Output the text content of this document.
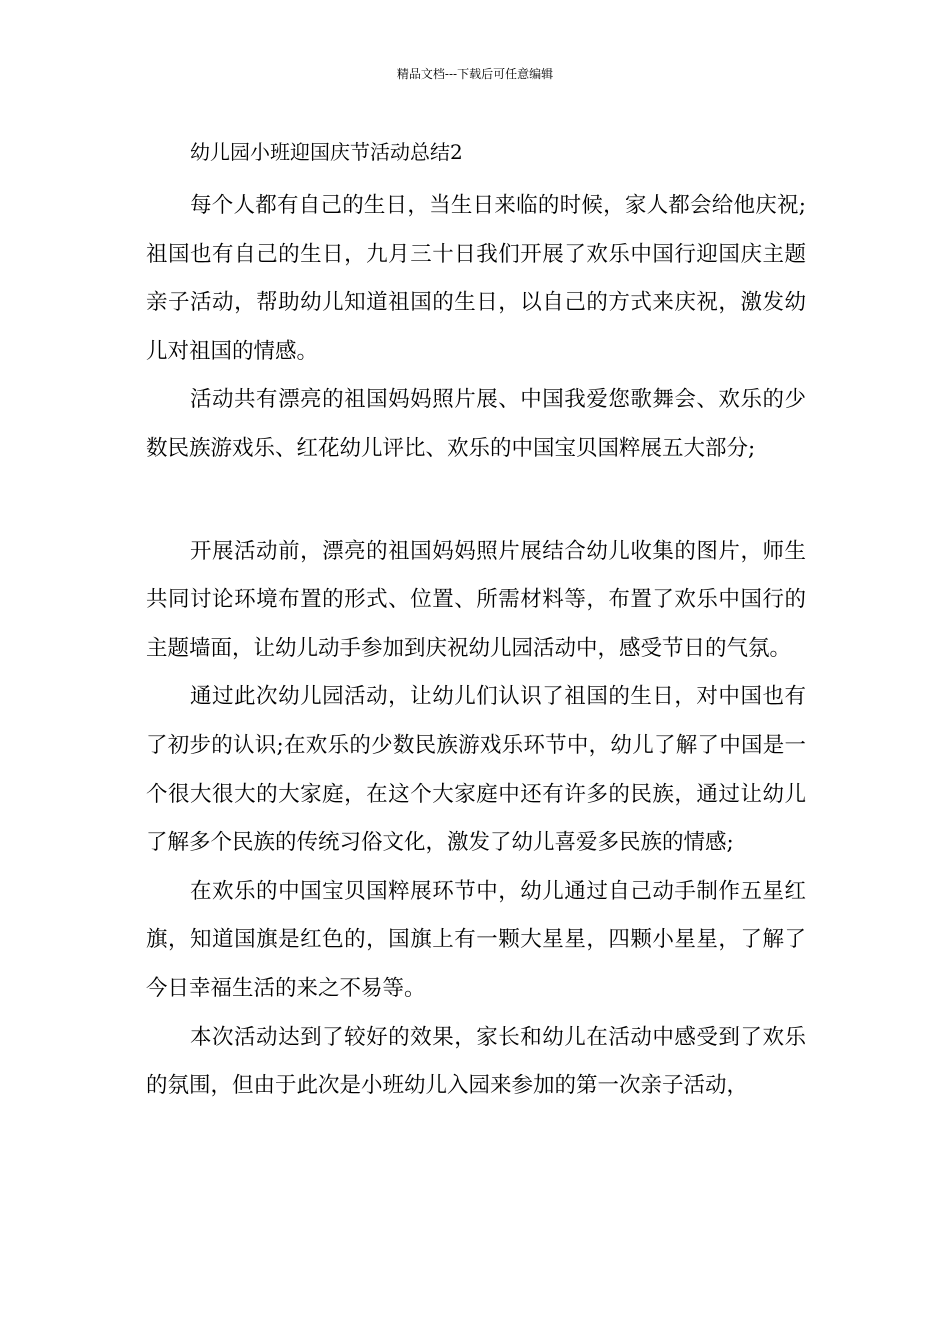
精品文档---下载后可任意编辑
幼儿园小班迎国庆节活动总结2

每个人都有自己的生日，当生日来临的时候，家人都会给他庆祝;祖国也有自己的生日，九月三十日我们开展了欢乐中国行迎国庆主题亲子活动，帮助幼儿知道祖国的生日，以自己的方式来庆祝，激发幼儿对祖国的情感。

活动共有漂亮的祖国妈妈照片展、中国我爱您歌舞会、欢乐的少数民族游戏乐、红花幼儿评比、欢乐的中国宝贝国粹展五大部分;

开展活动前，漂亮的祖国妈妈照片展结合幼儿收集的图片，师生共同讨论环境布置的形式、位置、所需材料等，布置了欢乐中国行的主题墙面，让幼儿动手参加到庆祝幼儿园活动中，感受节日的气氛。

通过此次幼儿园活动，让幼儿们认识了祖国的生日，对中国也有了初步的认识;在欢乐的少数民族游戏乐环节中，幼儿了解了中国是一个很大很大的大家庭，在这个大家庭中还有许多的民族，通过让幼儿了解多个民族的传统习俗文化，激发了幼儿喜爱多民族的情感;

在欢乐的中国宝贝国粹展环节中，幼儿通过自己动手制作五星红旗，知道国旗是红色的，国旗上有一颗大星星，四颗小星星，了解了今日幸福生活的来之不易等。

本次活动达到了较好的效果，家长和幼儿在活动中感受到了欢乐的氛围，但由于此次是小班幼儿入园来参加的第一次亲子活动，
